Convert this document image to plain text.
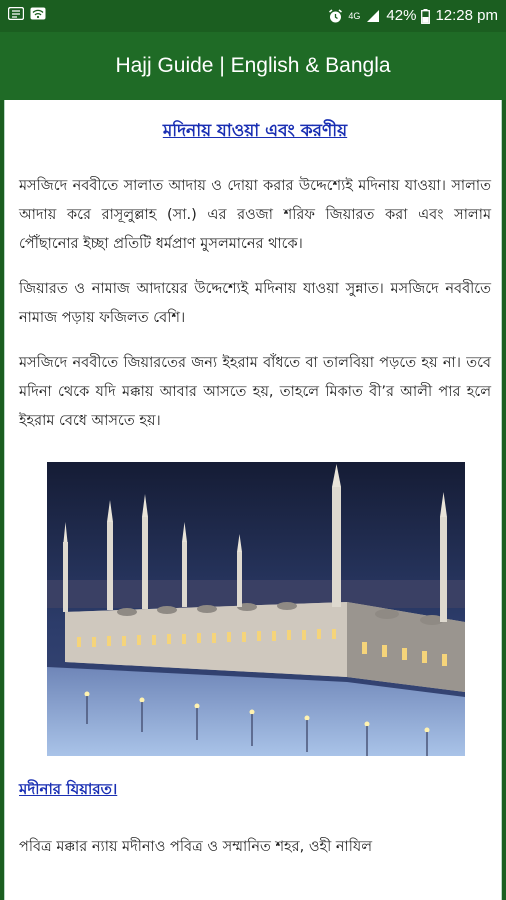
4G 42% 12:28 pm
Hajj Guide | English & Bangla
মদিনায় যাওয়া এবং করণীয়

মসজিদে নববীতে সালাত আদায় ও দোয়া করার উদ্দেশ্যেই মদিনায় যাওয়া। সালাত আদায় করে রাসূলুল্লাহ (সা.) এর রওজা শরিফ জিয়ারত করা এবং সালাম পৌঁছানোর ইচ্ছা প্রতিটি ধর্মপ্রাণ মুসলমানের থাকে।

জিয়ারত ও নামাজ আদায়ের উদ্দেশ্যেই মদিনায় যাওয়া সুন্নাত। মসজিদে নববীতে নামাজ পড়ায় ফজিলত বেশি।

মসজিদে নববীতে জিয়ারতের জন্য ইহরাম বাঁধতে বা তালবিয়া পড়তে হয় না। তবে মদিনা থেকে যদি মক্কায় আবার আসতে হয়, তাহলে মিকাত বী’র আলী পার হলে ইহরাম বেধে আসতে হয়।

মদীনার যিয়ারত।

পবিত্র মক্কার ন্যায় মদীনাও পবিত্র ও সম্মানিত শহর, ওহী নাযিল
